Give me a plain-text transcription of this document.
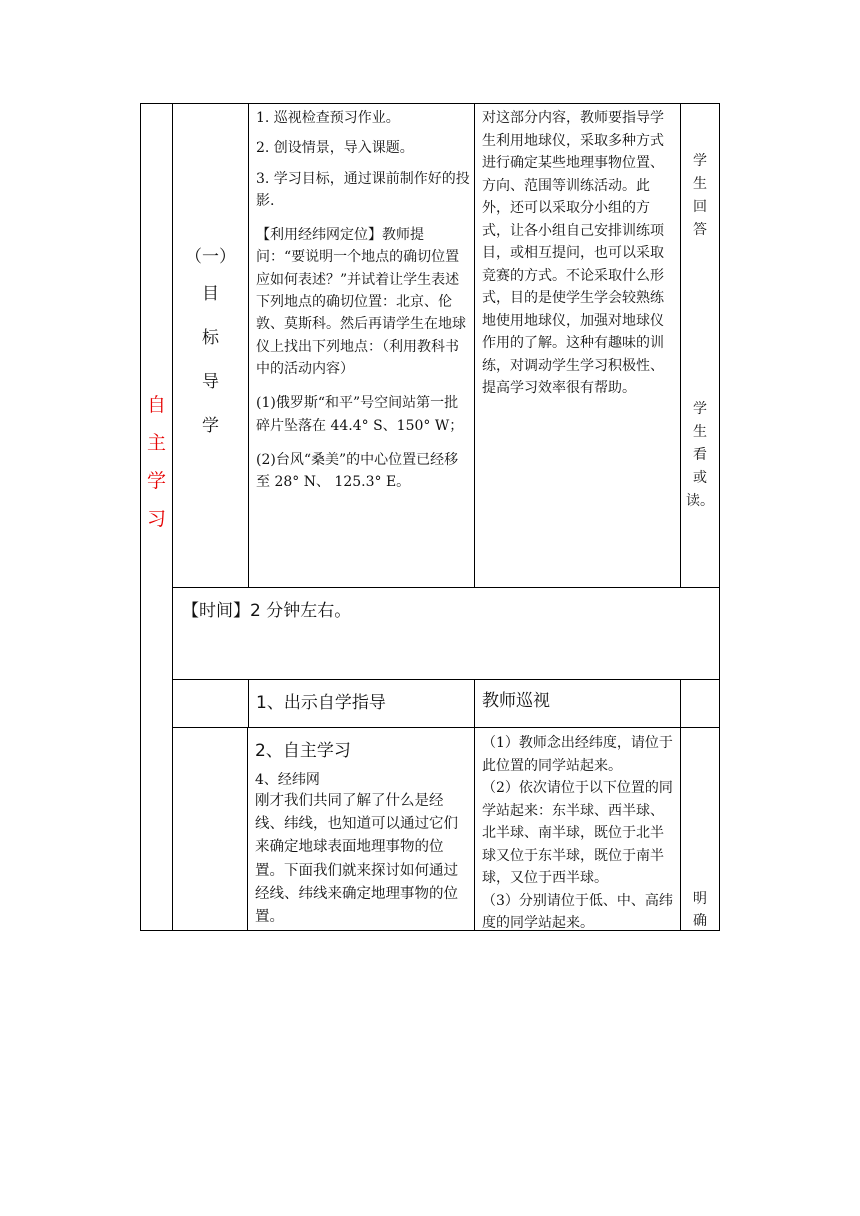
自
主
学
习
（一）
目
标
导
学

1. 巡视检查预习作业。

2. 创设情景，导入课题。

3. 学习目标，通过课前制作好的投影.

【利用经纬网定位】教师提问：“要说明一个地点的确切位置应如何表述？”并试着让学生表述下列地点的确切位置：北京、伦敦、莫斯科。然后再请学生在地球仪上找出下列地点：（利用教科书中的活动内容）

(1)俄罗斯“和平”号空间站第一批碎片坠落在 44.4° S、150° W；

(2)台风“桑美”的中心位置已经移至 28° N、 125.3° E。

对这部分内容，教师要指导学生利用地球仪，采取多种方式进行确定某些地理事物位置、方向、范围等训练活动。此外，还可以采取分小组的方式，让各小组自己安排训练项目，或相互提问，也可以采取竞赛的方式。不论采取什么形式，目的是使学生学会较熟练地使用地球仪，加强对地球仪作用的了解。这种有趣味的训练，对调动学生学习积极性、提高学习效率很有帮助。

学
生
回
答
学
生
看
或
读。
【时间】2 分钟左右。
1、出示自学指导	教师巡视

2、自主学习

4、经纬网

刚才我们共同了解了什么是经线、纬线，也知道可以通过它们来确定地球表面地理事物的位置。下面我们就来探讨如何通过经线、纬线来确定地理事物的位置。

（1）教师念出经纬度，请位于此位置的同学站起来。

（2）依次请位于以下位置的同学站起来：东半球、西半球、北半球、南半球，既位于北半球又位于东半球，既位于南半球，又位于西半球。

（3）分别请位于低、中、高纬度的同学站起来。

明
确
